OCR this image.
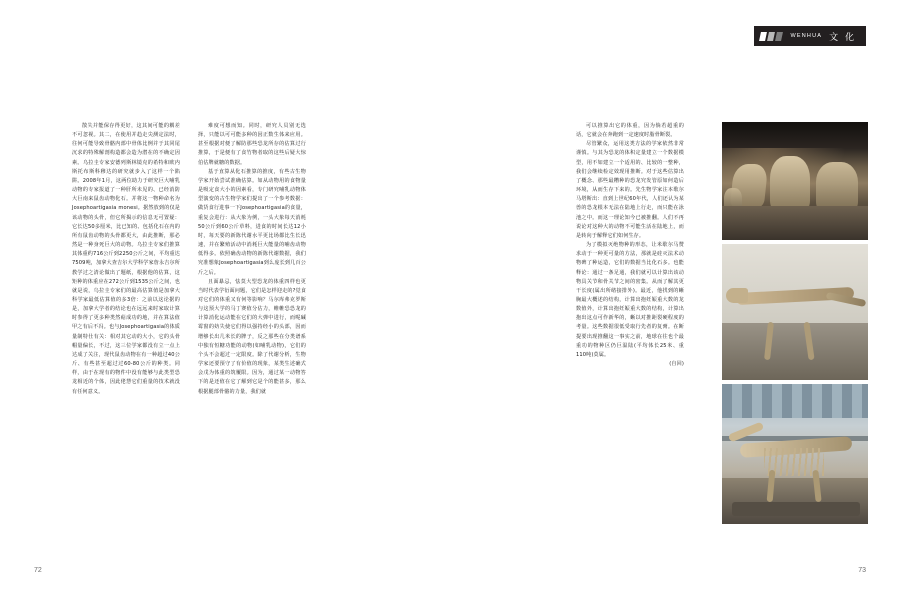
WENHUA 文 化

散失并能保存得更好，这其间可能的耦差不可忽视。其二，在使用并趋走尖测定法时，往何可能导致骨骼内部中骨体比例并于其同尾沉求的特殊解剖构造都会造为潜在的不确定因素。乌拉圭专家安德列斯林镜克的希特和欧内斯托布斯科穆达的研究就步入了这样一个陷阱。2008年1月，这两位助力于研究巨大哺乳动物的专家报道了一种肝所未见的、已经消防大巨南来鼠齿动物化石。并将这一物种命名为Josephoartigasia monesi。据然放到的仅是该动物的头骨，但它所揭示的信息无可置疑：它长达50多厘米，比已知的、包括化石在内的所有鼠齿动物的头骨都更大，由此推断，那必然是一种身死巨大的动物。乌拉圭专家们推算其体重约716公斤到2250公斤之间，平均重达7509吨，加拿大查吉尔大学科学家詹永吉尔所教学过之清论做出了题纸，根据他的估算，这矩种的体重应在272公斤到1535公斤之间，也就是说，乌拉圭专家们的最高估算值是加拿大科学家最低估算值的多3倍：之前以这论据的是，加拿大学者的结论也在远远来时家取计算时参得了更多种类然萜成功的地，并在算法值甲之有后不冯。也与Josephoartigasia的体质量制特仕有关：相对其它动的大小，它的头骨帽量偏长，不过，这三位学家都没有立一点上达成了关注，现代鼠齿动物在有一种超过40公斤、有些甚至超过过60-80公斤的种类。同样，由于在现有的物件中没有能够与此类型恐龙相近的个体，因此佬慧它们重量的技术就没有任何意义。

难度可想而知。同时，研究人员别无选择，只能以可可能多种的因正数生体来应用。甚至根据对便了解防那些恐龙所存的估算过行推算，于是便有了食竹物者取的这些后疑大惊伯估牌就糖的数据。

基于直算从化石推算的推度，有些古生物学家开始尝试准确估算。如从动物用的食物量是吸定食大小的因素看，专门研究哺乳动物体型演变的古生物学家们提出了一个参考数据：做货食行进事一下Josephoartigasia的食量，重复会进行：从大象为例，一头大象每天消耗50公斤到60公斤草料，进食的时间长达12小时，每天要的新陈代谢水平更比场都比生长迅速，并在繁殖活动中消耗巨大能量的哺齿动物低得多。依照确齿动物的新陈代谢数据，我们究准想象Josephoartigasia到么庞长到几百公斤之后。

且面暴忌，怯莫大型恐龙的体重四样也更当时代表学衍面问题，它们是怎样迎走的?觉食对它们的体重又有何等影响？马尔库弗克罗斯与这预大学的马丁赛值分估力，帷帷恐恐龙的计算消化运动能在它们的大弹中进行，而呢碱霉窗的妨失使它们得以强持经小的头部，因而增够长出几米长的牌子，反之那些在分类谱系中独有恒糖功能的动物(如哺乳动物)，它们的个头不会超过一定限度。除了代谢分析，生物学家还要预守了有价值的现象，某类生述确式会戊为体重的筑覆限。因为，通过某一动物答下的是还值在它了解到它是个的能甚多，那么根据腿部骨骼的力量，我们就

可以推算出它的体重，因为倘若超重的话，它就会在奔跑到一定速度时脂骨断裂。

尽管繁众，运用这类方法的学家依然非常谨慎。与其为恐龙的体积定量建立一个数据模型，用不如建立一个适用的、比较的一整种，我们会继续检定效现用推断。对于这些估算出了概念、那些最糟种的恐龙究发管原如何造后环境，从而生存下来的。先生物学家注本歌尔马塔斯出：直到上世纪60年代，人们还认为某兽的恐龙根本无法在陆地上行走，而只能在泳池之中。而这一理论知今已被推翻。人们不再说论对这种大的动物不可能生活在陆地上，而是转向于解释它们如何生存。

为了模拟灭绝物种的形态，让米歇尔马赞求动于一种更可量的方法，那就是硅灭法术动物碑了种运造，它们的数据当比化石多。也能释论：通过一条足通，我们就可以计算出该动物具关节和骨关节之间的密集。从而了解其更干长度(属出所绪接排外)。最近，他找到的蜥胸最大概述的结构，计算出抱妊娠重大数的龙数值外，计算出抱妊娠重大数的结构，计算出抱出这点可作新华的，蜥以对推距裂硬程度的考量。这些数据很低受取行先者的复膏。在断提要出现推翻这一事实之前，地球在往也个最重功的物种区仍巨温陆(平均体长25米、重110吨)莫属。

(自回)

72	73
